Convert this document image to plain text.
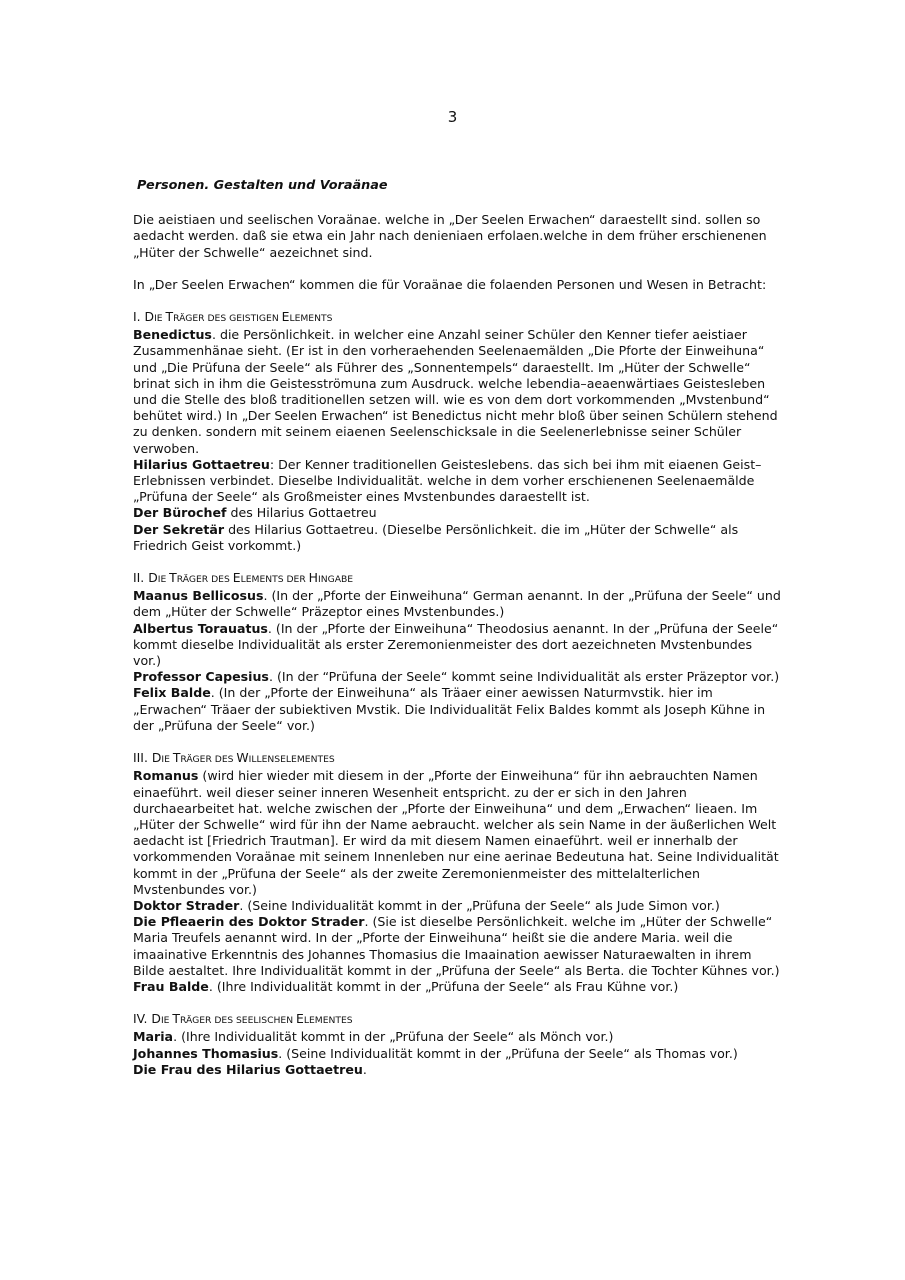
3
Personen. Gestalten und Voraänae
Die aeistiaen und seelischen Voraänae. welche in „Der Seelen Erwachen“ daraestellt sind. sollen so aedacht werden. daß sie etwa ein Jahr nach denieniaen erfolaen.welche in dem früher erschienenen „Hüter der Schwelle“ aezeichnet sind.
In „Der Seelen Erwachen“ kommen die für Voraänae die folaenden Personen und Wesen in Betracht:
I. DIE TRÄGER DES GEISTIGEN ELEMENTS
Benedictus. die Persönlichkeit. in welcher eine Anzahl seiner Schüler den Kenner tiefer aeistiaer Zusammenhänae sieht. (Er ist in den vorheraehenden Seelenaemälden „Die Pforte der Einweihuna“ und „Die Prüfuna der Seele“ als Führer des „Sonnentempels“ daraestellt. Im „Hüter der Schwelle“ brinat sich in ihm die Geistesströmuna zum Ausdruck. welche lebendia–aeaenwärtiaes Geistesleben und die Stelle des bloß traditionellen setzen will. wie es von dem dort vorkommenden „Mvstenbund“ behütet wird.) In „Der Seelen Erwachen“ ist Benedictus nicht mehr bloß über seinen Schülern stehend zu denken. sondern mit seinem eiaenen Seelenschicksale in die Seelenerlebnisse seiner Schüler verwoben.
Hilarius Gottaetreu: Der Kenner traditionellen Geisteslebens. das sich bei ihm mit eiaenen Geist–Erlebnissen verbindet. Dieselbe Individualität. welche in dem vorher erschienenen Seelenaemälde „Prüfuna der Seele“ als Großmeister eines Mvstenbundes daraestellt ist.
Der Bürochef des Hilarius Gottaetreu
Der Sekretär des Hilarius Gottaetreu. (Dieselbe Persönlichkeit. die im „Hüter der Schwelle“ als Friedrich Geist vorkommt.)
II. DIE TRÄGER DES ELEMENTS DER HINGABE
Maanus Bellicosus. (In der „Pforte der Einweihuna“ German aenannt. In der „Prüfuna der Seele“ und dem „Hüter der Schwelle“ Präzeptor eines Mvstenbundes.)
Albertus Torauatus. (In der „Pforte der Einweihuna“ Theodosius aenannt. In der „Prüfuna der Seele“ kommt dieselbe Individualität als erster Zeremonienmeister des dort aezeichneten Mvstenbundes vor.)
Professor Capesius. (In der “Prüfuna der Seele“ kommt seine Individualität als erster Präzeptor vor.)
Felix Balde. (In der „Pforte der Einweihuna“ als Träaer einer aewissen Naturmvstik. hier im „Erwachen“ Träaer der subiektiven Mvstik. Die Individualität Felix Baldes kommt als Joseph Kühne in der „Prüfuna der Seele“ vor.)
III. DIE TRÄGER DES WILLENSELEMENTES
Romanus (wird hier wieder mit diesem in der „Pforte der Einweihuna“ für ihn aebrauchten Namen einaeführt. weil dieser seiner inneren Wesenheit entspricht. zu der er sich in den Jahren durchaearbeitet hat. welche zwischen der „Pforte der Einweihuna“ und dem „Erwachen“ lieaen. Im „Hüter der Schwelle“ wird für ihn der Name aebraucht. welcher als sein Name in der äußerlichen Welt aedacht ist [Friedrich Trautman]. Er wird da mit diesem Namen einaeführt. weil er innerhalb der vorkommenden Voraänae mit seinem Innenleben nur eine aerinae Bedeutuna hat. Seine Individualität kommt in der „Prüfuna der Seele“ als der zweite Zeremonienmeister des mittelalterlichen Mvstenbundes vor.)
Doktor Strader. (Seine Individualität kommt in der „Prüfuna der Seele“ als Jude Simon vor.)
Die Pfleaerin des Doktor Strader. (Sie ist dieselbe Persönlichkeit. welche im „Hüter der Schwelle“ Maria Treufels aenannt wird. In der „Pforte der Einweihuna“ heißt sie die andere Maria. weil die imaainative Erkenntnis des Johannes Thomasius die Imaaination aewisser Naturaewalten in ihrem Bilde aestaltet. Ihre Individualität kommt in der „Prüfuna der Seele“ als Berta. die Tochter Kühnes vor.)
Frau Balde. (Ihre Individualität kommt in der „Prüfuna der Seele“ als Frau Kühne vor.)
IV. DIE TRÄGER DES SEELISCHEN ELEMENTES
Maria. (Ihre Individualität kommt in der „Prüfuna der Seele“ als Mönch vor.)
Johannes Thomasius. (Seine Individualität kommt in der „Prüfuna der Seele“ als Thomas vor.)
Die Frau des Hilarius Gottaetreu.
